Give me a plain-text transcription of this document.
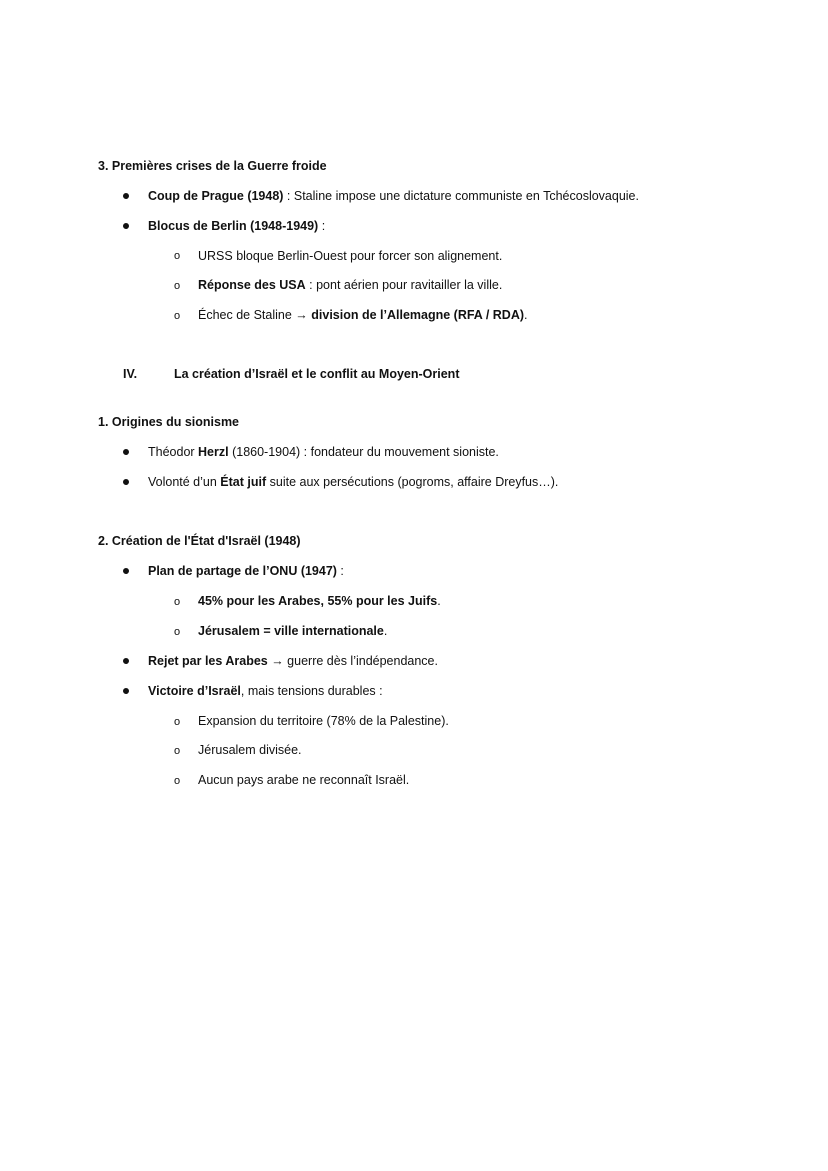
3. Premières crises de la Guerre froide
Coup de Prague (1948) : Staline impose une dictature communiste en Tchécoslovaquie.
Blocus de Berlin (1948-1949) :
o URSS bloque Berlin-Ouest pour forcer son alignement.
o Réponse des USA : pont aérien pour ravitailler la ville.
o Échec de Staline → division de l’Allemagne (RFA / RDA).
IV.	La création d’Israël et le conflit au Moyen-Orient
1. Origines du sionisme
Théodor Herzl (1860-1904) : fondateur du mouvement sioniste.
Volonté d’un État juif suite aux persécutions (pogroms, affaire Dreyfus…).
2. Création de l'État d'Israël (1948)
Plan de partage de l’ONU (1947) :
o 45% pour les Arabes, 55% pour les Juifs.
o Jérusalem = ville internationale.
Rejet par les Arabes → guerre dès l’indépendance.
Victoire d’Israël, mais tensions durables :
o Expansion du territoire (78% de la Palestine).
o Jérusalem divisée.
o Aucun pays arabe ne reconnaît Israël.
